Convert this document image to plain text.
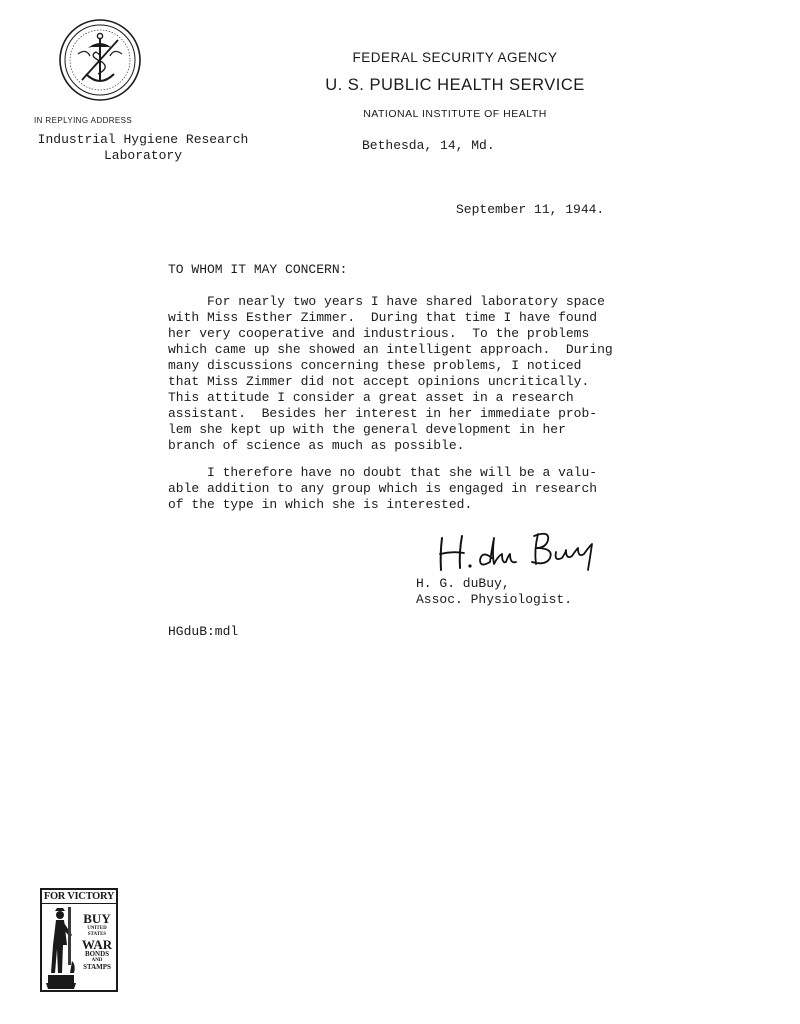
FEDERAL SECURITY AGENCY
U. S. PUBLIC HEALTH SERVICE
NATIONAL INSTITUTE OF HEALTH
IN REPLYING ADDRESS
Industrial Hygiene Research
Laboratory
Bethesda, 14, Md.
September 11, 1944.
TO WHOM IT MAY CONCERN:
For nearly two years I have shared laboratory space
with Miss Esther Zimmer.  During that time I have found
her very cooperative and industrious.  To the problems
which came up she showed an intelligent approach.  During
many discussions concerning these problems, I noticed
that Miss Zimmer did not accept opinions uncritically.
This attitude I consider a great asset in a research
assistant.  Besides her interest in her immediate prob-
lem she kept up with the general development in her
branch of science as much as possible.
I therefore have no doubt that she will be a valu-
able addition to any group which is engaged in research
of the type in which she is interested.
H. G. duBuy,
Assoc. Physiologist.
HGduB:mdl
FOR VICTORY
BUY
UNITED STATES
WAR
BONDS
AND
STAMPS
